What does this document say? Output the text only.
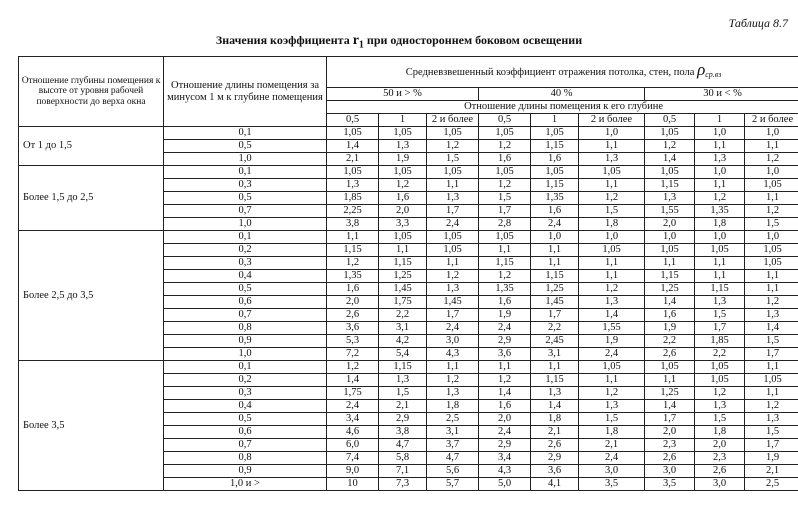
Таблица 8.7
Значения коэффициента $r_1$ при одностороннем боковом освещении
Отношение глубины помещения к высоте от уровня рабочей поверхности до верха окна	Отношение длины помещения за минусом 1 м к глубине помещения	Средневзвешенный коэффициент отражения потолка, стен, пола ρср.вз								
		50 и > %			40 %			30 и < %		
		Отношение длины помещения к его глубине								
		0,5	1	2 и более	0,5	1	2 и более	0,5	1	2 и более
От 1 до 1,5	0,1	1,05	1,05	1,05	1,05	1,05	1,0	1,05	1,0	1,0
	0,5	1,4	1,3	1,2	1,2	1,15	1,1	1,2	1,1	1,1
	1,0	2,1	1,9	1,5	1,6	1,6	1,3	1,4	1,3	1,2
Более 1,5 до 2,5	0,1	1,05	1,05	1,05	1,05	1,05	1,05	1,05	1,0	1,0
	0,3	1,3	1,2	1,1	1,2	1,15	1,1	1,15	1,1	1,05
	0,5	1,85	1,6	1,3	1,5	1,35	1,2	1,3	1,2	1,1
	0,7	2,25	2,0	1,7	1,7	1,6	1,5	1,55	1,35	1,2
	1,0	3,8	3,3	2,4	2,8	2,4	1,8	2,0	1,8	1,5
Более 2,5 до 3,5	0,1	1,1	1,05	1,05	1,05	1,0	1,0	1,0	1,0	1,0
	0,2	1,15	1,1	1,05	1,1	1,1	1,05	1,05	1,05	1,05
	0,3	1,2	1,15	1,1	1,15	1,1	1,1	1,1	1,1	1,05
	0,4	1,35	1,25	1,2	1,2	1,15	1,1	1,15	1,1	1,1
	0,5	1,6	1,45	1,3	1,35	1,25	1,2	1,25	1,15	1,1
	0,6	2,0	1,75	1,45	1,6	1,45	1,3	1,4	1,3	1,2
	0,7	2,6	2,2	1,7	1,9	1,7	1,4	1,6	1,5	1,3
	0,8	3,6	3,1	2,4	2,4	2,2	1,55	1,9	1,7	1,4
	0,9	5,3	4,2	3,0	2,9	2,45	1,9	2,2	1,85	1,5
	1,0	7,2	5,4	4,3	3,6	3,1	2,4	2,6	2,2	1,7
Более 3,5	0,1	1,2	1,15	1,1	1,1	1,1	1,05	1,05	1,05	1,1
	0,2	1,4	1,3	1,2	1,2	1,15	1,1	1,1	1,05	1,05
	0,3	1,75	1,5	1,3	1,4	1,3	1,2	1,25	1,2	1,1
	0,4	2,4	2,1	1,8	1,6	1,4	1,3	1,4	1,3	1,2
	0,5	3,4	2,9	2,5	2,0	1,8	1,5	1,7	1,5	1,3
	0,6	4,6	3,8	3,1	2,4	2,1	1,8	2,0	1,8	1,5
	0,7	6,0	4,7	3,7	2,9	2,6	2,1	2,3	2,0	1,7
	0,8	7,4	5,8	4,7	3,4	2,9	2,4	2,6	2,3	1,9
	0,9	9,0	7,1	5,6	4,3	3,6	3,0	3,0	2,6	2,1
	1,0 и >	10	7,3	5,7	5,0	4,1	3,5	3,5	3,0	2,5
